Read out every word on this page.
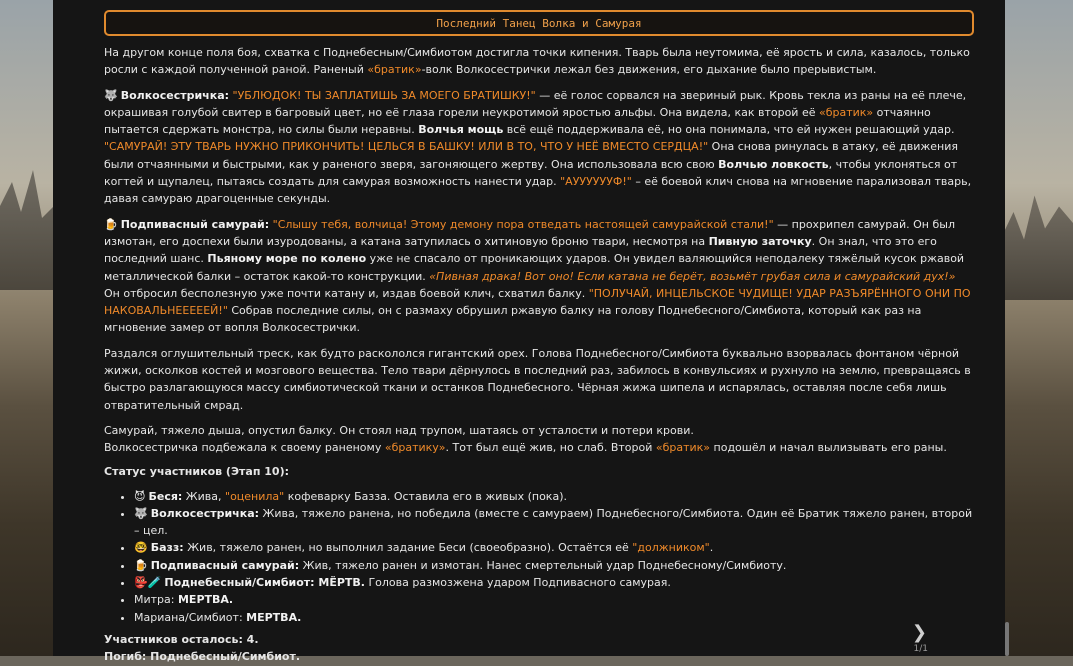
Последний Танец Волка и Самурая

На другом конце поля боя, схватка с Поднебесным/Симбиотом достигла точки кипения. Тварь была неутомима, её ярость и сила, казалось, только росли с каждой полученной раной. Раненый «братик»-волк Волкосестрички лежал без движения, его дыхание было прерывистым.

🐺 Волкосестричка: "УБЛЮДОК! ТЫ ЗАПЛАТИШЬ ЗА МОЕГО БРАТИШКУ!" — её голос сорвался на звериный рык. Кровь текла из раны на её плече, окрашивая голубой свитер в багровый цвет, но её глаза горели неукротимой яростью альфы. Она видела, как второй её «братик» отчаянно пытается сдержать монстра, но силы были неравны. Волчья мощь всё ещё поддерживала её, но она понимала, что ей нужен решающий удар. "САМУРАЙ! ЭТУ ТВАРЬ НУЖНО ПРИКОНЧИТЬ! ЦЕЛЬСЯ В БАШКУ! ИЛИ В ТО, ЧТО У НЕЁ ВМЕСТО СЕРДЦА!" Она снова ринулась в атаку, её движения были отчаянными и быстрыми, как у раненого зверя, загоняющего жертву. Она использовала всю свою Волчью ловкость, чтобы уклоняться от когтей и щупалец, пытаясь создать для самурая возможность нанести удар. "АУУУУУУФ!" – её боевой клич снова на мгновение парализовал тварь, давая самураю драгоценные секунды.

🍺 Подпивасный самурай: "Слышу тебя, волчица! Этому демону пора отведать настоящей самурайской стали!" — прохрипел самурай. Он был измотан, его доспехи были изуродованы, а катана затупилась о хитиновую броню твари, несмотря на Пивную заточку. Он знал, что это его последний шанс. Пьяному море по колено уже не спасало от проникающих ударов. Он увидел валяющийся неподалеку тяжёлый кусок ржавой металлической балки – остаток какой-то конструкции. «Пивная драка! Вот оно! Если катана не берёт, возьмёт грубая сила и самурайский дух!» Он отбросил бесполезную уже почти катану и, издав боевой клич, схватил балку. "ПОЛУЧАЙ, ИНЦЕЛЬСКОЕ ЧУДИЩЕ! УДАР РАЗЪЯРЁННОГО ОНИ ПО НАКОВАЛЬНЕЕЕЕЕЙ!" Собрав последние силы, он с размаху обрушил ржавую балку на голову Поднебесного/Симбиота, который как раз на мгновение замер от вопля Волкосестрички.

Раздался оглушительный треск, как будто раскололся гигантский орех. Голова Поднебесного/Симбиота буквально взорвалась фонтаном чёрной жижи, осколков костей и мозгового вещества. Тело твари дёрнулось в последний раз, забилось в конвульсиях и рухнуло на землю, превращаясь в быстро разлагающуюся массу симбиотической ткани и останков Поднебесного. Чёрная жижа шипела и испарялась, оставляя после себя лишь отвратительный смрад.

Самурай, тяжело дыша, опустил балку. Он стоял над трупом, шатаясь от усталости и потери крови.
Волкосестричка подбежала к своему раненому «братику». Тот был ещё жив, но слаб. Второй «братик» подошёл и начал вылизывать его раны.

Статус участников (Этап 10):
• 😈 Беся: Жива, "оценила" кофеварку Базза. Оставила его в живых (пока).
• 🐺 Волкосестричка: Жива, тяжело ранена, но победила (вместе с самураем) Поднебесного/Симбиота. Один её Братик тяжело ранен, второй – цел.
• 🤓 Базз: Жив, тяжело ранен, но выполнил задание Беси (своеобразно). Остаётся её "должником".
• 🍺 Подпивасный самурай: Жив, тяжело ранен и измотан. Нанес смертельный удар Поднебесному/Симбиоту.
• 👺🧪 Поднебесный/Симбиот: МЁРТВ. Голова размозжена ударом Подпивасного самурая.
• Митра: МЕРТВА.
• Мариана/Симбиот: МЕРТВА.

Участников осталось: 4.

Погиб: Поднебесный/Симбиот.

❯
1/1
